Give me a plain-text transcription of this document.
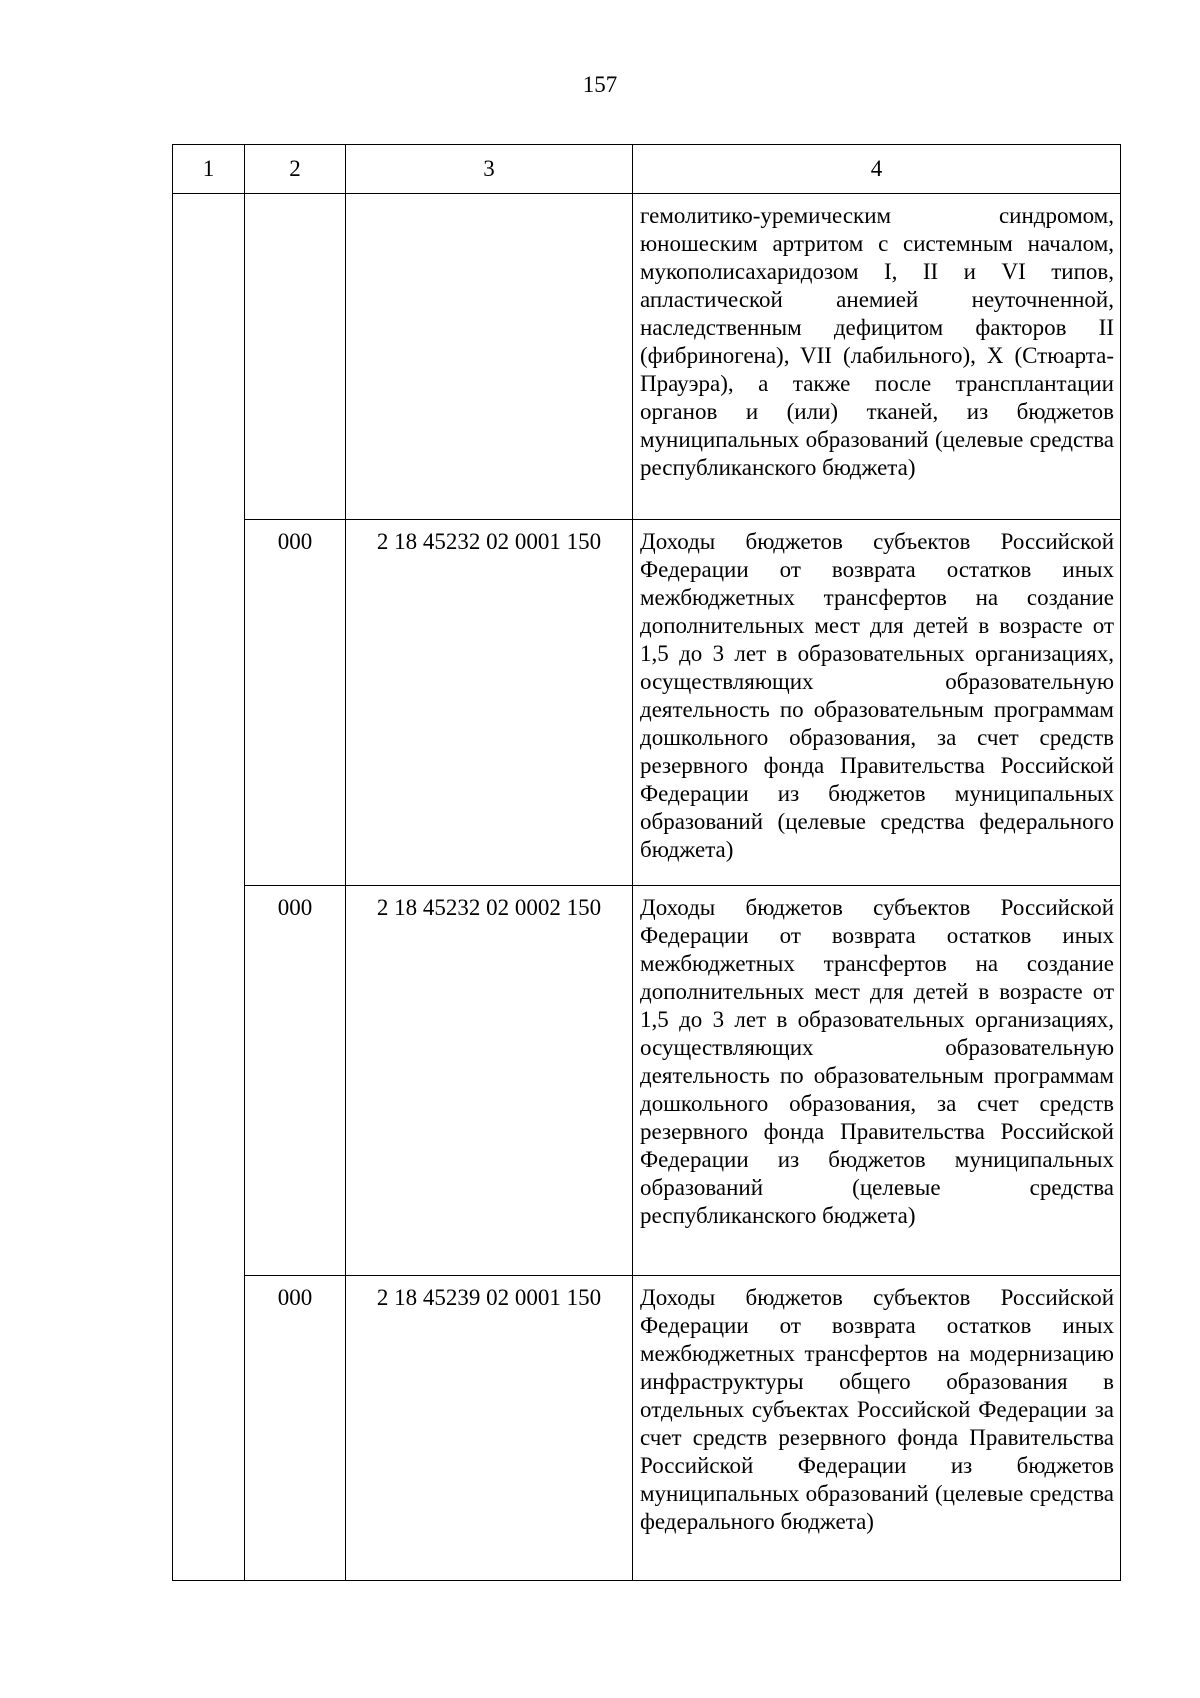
157
1	2	3	4
			гемолитико-уремическим синдромом, юношеским артритом с системным началом, мукополисахаридозом I, II и VI типов, апластической анемией неуточненной, наследственным дефицитом факторов II (фибриногена), VII (лабильного), X (Стюарта-Прауэра), а также после трансплантации органов и (или) тканей, из бюджетов муниципальных образований (целевые средства республиканского бюджета)
	000	2 18 45232 02 0001 150	Доходы бюджетов субъектов Российской Федерации от возврата остатков иных межбюджетных трансфертов на создание дополнительных мест для детей в возрасте от 1,5 до 3 лет в образовательных организациях, осуществляющих образовательную деятельность по образовательным программам дошкольного образования, за счет средств резервного фонда Правительства Российской Федерации из бюджетов муниципальных образований (целевые средства федерального бюджета)
	000	2 18 45232 02 0002 150	Доходы бюджетов субъектов Российской Федерации от возврата остатков иных межбюджетных трансфертов на создание дополнительных мест для детей в возрасте от 1,5 до 3 лет в образовательных организациях, осуществляющих образовательную деятельность по образовательным программам дошкольного образования, за счет средств резервного фонда Правительства Российской Федерации из бюджетов муниципальных образований (целевые средства республиканского бюджета)
	000	2 18 45239 02 0001 150	Доходы бюджетов субъектов Российской Федерации от возврата остатков иных межбюджетных трансфертов на модернизацию инфраструктуры общего образования в отдельных субъектах Российской Федерации за счет средств резервного фонда Правительства Российской Федерации из бюджетов муниципальных образований (целевые средства федерального бюджета)
